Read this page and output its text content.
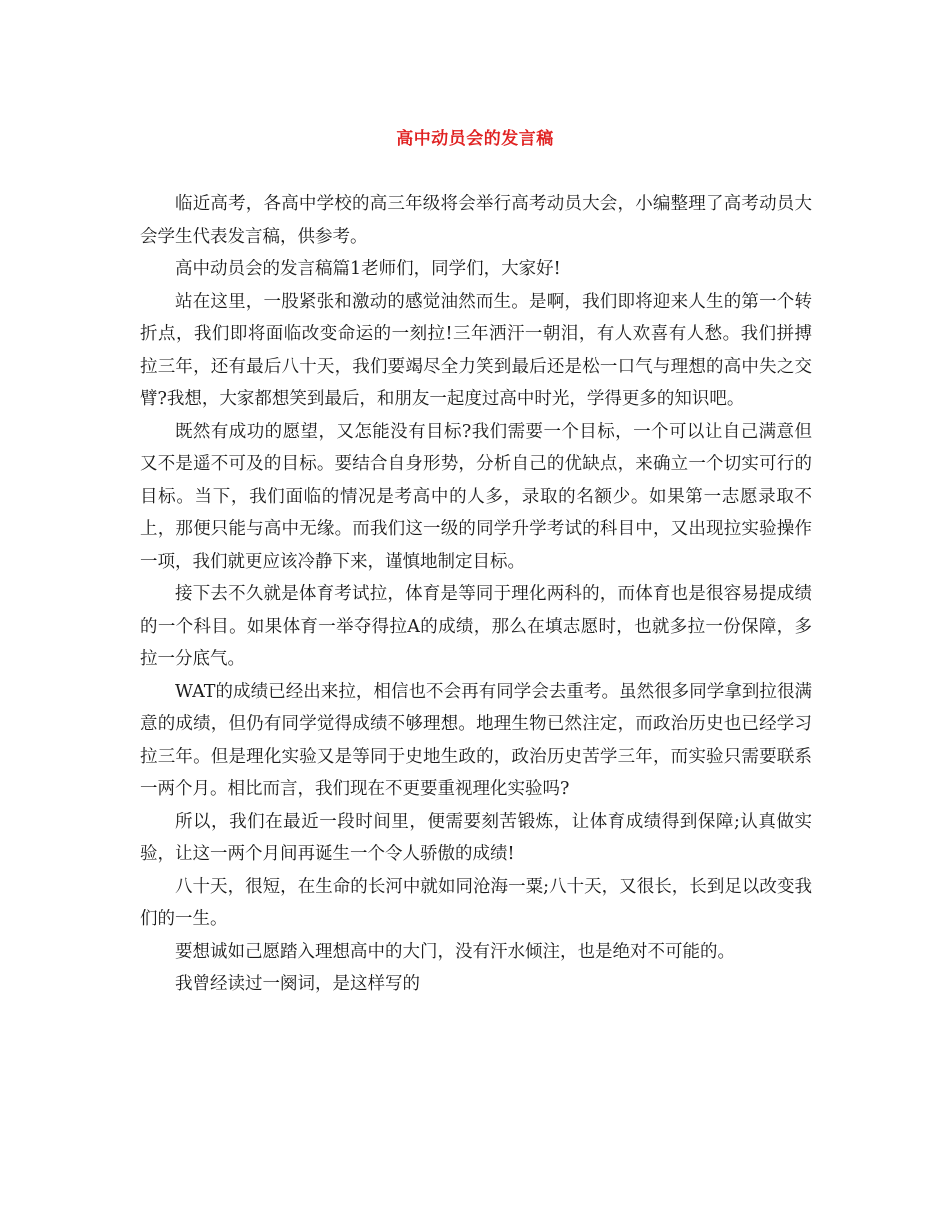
高中动员会的发言稿

临近高考，各高中学校的高三年级将会举行高考动员大会，小编整理了高考动员大会学生代表发言稿，供参考。

高中动员会的发言稿篇1老师们，同学们，大家好!

站在这里，一股紧张和激动的感觉油然而生。是啊，我们即将迎来人生的第一个转折点，我们即将面临改变命运的一刻拉!三年洒汗一朝泪，有人欢喜有人愁。我们拼搏拉三年，还有最后八十天，我们要竭尽全力笑到最后还是松一口气与理想的高中失之交臂?我想，大家都想笑到最后，和朋友一起度过高中时光，学得更多的知识吧。

既然有成功的愿望，又怎能没有目标?我们需要一个目标，一个可以让自己满意但又不是遥不可及的目标。要结合自身形势，分析自己的优缺点，来确立一个切实可行的目标。当下，我们面临的情况是考高中的人多，录取的名额少。如果第一志愿录取不上，那便只能与高中无缘。而我们这一级的同学升学考试的科目中，又出现拉实验操作一项，我们就更应该冷静下来，谨慎地制定目标。

接下去不久就是体育考试拉，体育是等同于理化两科的，而体育也是很容易提成绩的一个科目。如果体育一举夺得拉A的成绩，那么在填志愿时，也就多拉一份保障，多拉一分底气。

WAT的成绩已经出来拉，相信也不会再有同学会去重考。虽然很多同学拿到拉很满意的成绩，但仍有同学觉得成绩不够理想。地理生物已然注定，而政治历史也已经学习拉三年。但是理化实验又是等同于史地生政的，政治历史苦学三年，而实验只需要联系一两个月。相比而言，我们现在不更要重视理化实验吗?

所以，我们在最近一段时间里，便需要刻苦锻炼，让体育成绩得到保障;认真做实验，让这一两个月间再诞生一个令人骄傲的成绩!

八十天，很短，在生命的长河中就如同沧海一粟;八十天，又很长，长到足以改变我们的一生。

要想诚如己愿踏入理想高中的大门，没有汗水倾注，也是绝对不可能的。

我曾经读过一阕词，是这样写的
